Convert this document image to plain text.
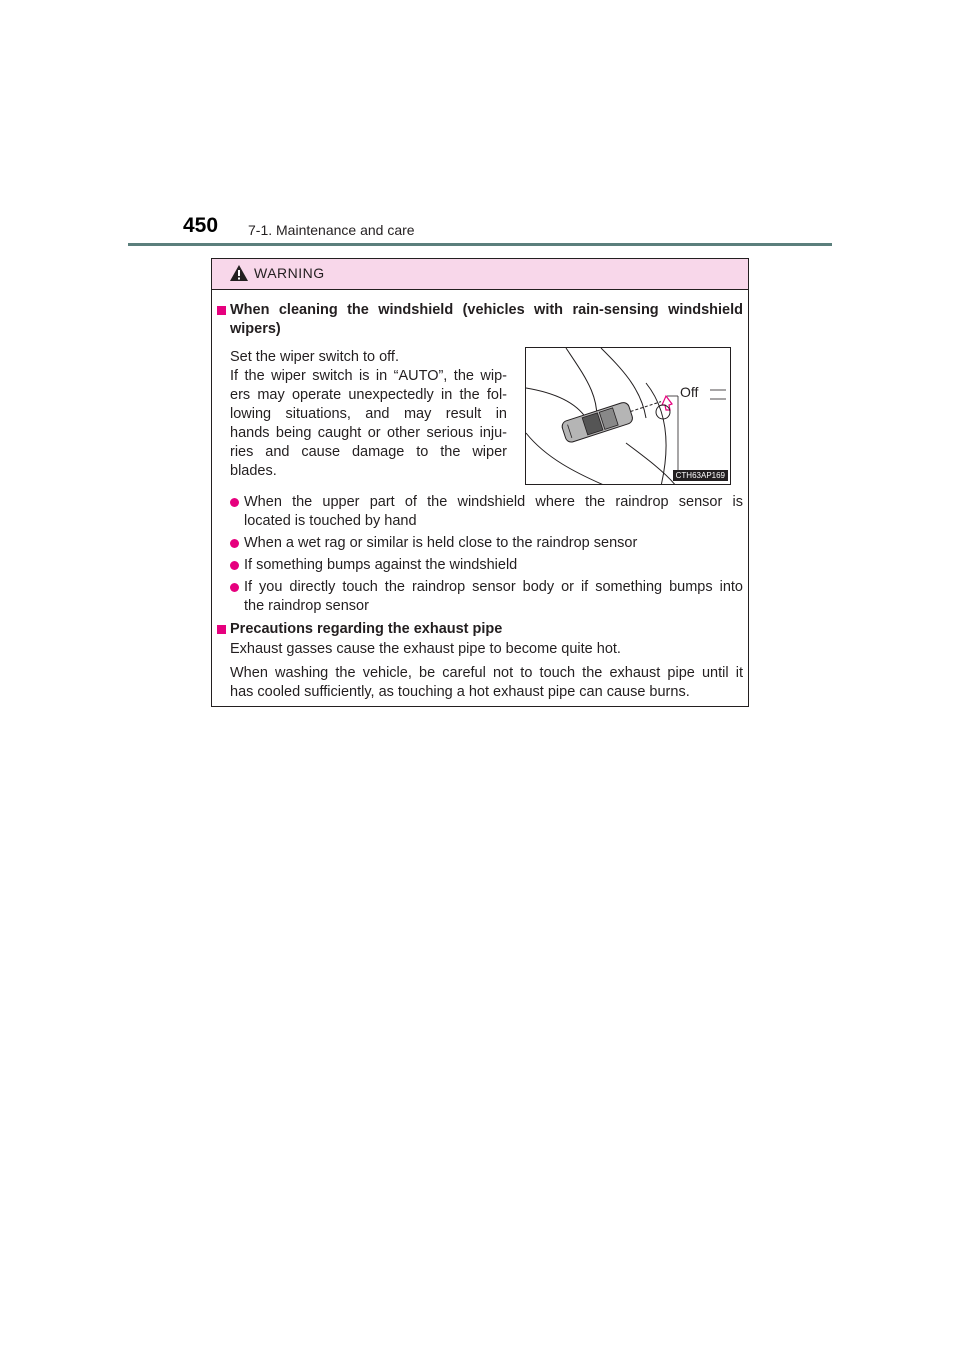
450 7-1. Maintenance and care
WARNING
When cleaning the windshield (vehicles with rain-sensing windshield
wipers)
Set the wiper switch to off.
If the wiper switch is in “AUTO”, the wip-
ers may operate unexpectedly in the fol-
lowing situations, and may result in
hands being caught or other serious inju-
ries and cause damage to the wiper
blades.
Off
CTH63AP169
When the upper part of the windshield where the raindrop sensor is
located is touched by hand
When a wet rag or similar is held close to the raindrop sensor
If something bumps against the windshield
If you directly touch the raindrop sensor body or if something bumps into
the raindrop sensor
Precautions regarding the exhaust pipe
Exhaust gasses cause the exhaust pipe to become quite hot.
When washing the vehicle, be careful not to touch the exhaust pipe until it
has cooled sufficiently, as touching a hot exhaust pipe can cause burns.
